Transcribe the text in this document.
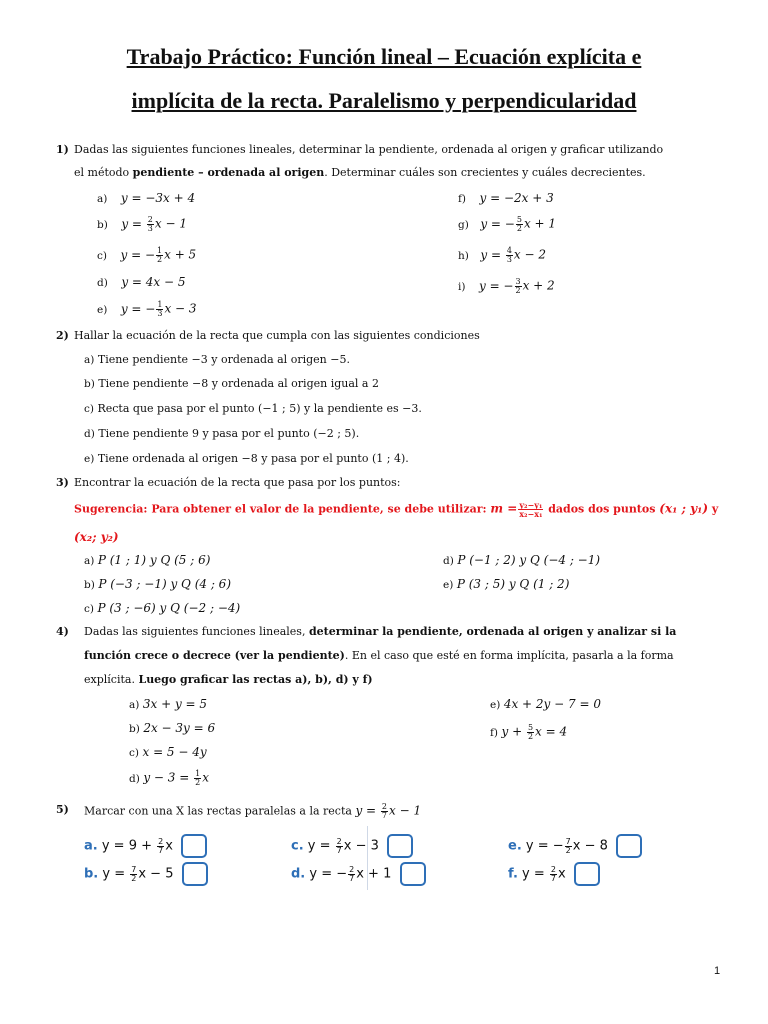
Trabajo Práctico: Función lineal – Ecuación explícita e
implícita de la recta. Paralelismo y perpendicularidad
1) Dadas las siguientes funciones lineales, determinar la pendiente, ordenada al origen y graficar utilizando
el método pendiente – ordenada al origen. Determinar cuáles son crecientes y cuáles decrecientes.
a) 𝑦 = −3𝑥 + 4
b) 𝑦 = $\frac{2}{3}$ 𝑥 − 1
c) 𝑦 = − $\frac{1}{2}$ 𝑥 + 5
d) 𝑦 = 4𝑥 − 5
e) 𝑦 = − $\frac{1}{3}$ 𝑥 − 3
f) 𝑦 = −2𝑥 + 3
g) 𝑦 = − $\frac{5}{2}$ 𝑥 + 1
h) 𝑦 = $\frac{4}{3}$ 𝑥 − 2
i) 𝑦 = − $\frac{3}{2}$ 𝑥 + 2
2) Hallar la ecuación de la recta que cumpla con las siguientes condiciones
a) Tiene pendiente −3 y ordenada al origen −5.
b) Tiene pendiente −8 y ordenada al origen igual a 2
c) Recta que pasa por el punto (−1 ; 5) y la pendiente es −3.
d) Tiene pendiente 9 y pasa por el punto (−2 ; 5).
e) Tiene ordenada al origen −8 y pasa por el punto (1 ; 4).
3) Encontrar la ecuación de la recta que pasa por los puntos:
Sugerencia: Para obtener el valor de la pendiente, se debe utilizar: 𝒎 = $\frac{\text{y₂−y₁}}{\text{x₂−x₁}}$ dados dos puntos (𝒙₁ ; 𝒚₁) y
(𝒙₂; 𝒚₂)
a) 𝑃 (1 ; 1) 𝑦 𝑄 (5 ; 6)
b) 𝑃 (−3 ; −1) 𝑦 𝑄 (4 ; 6)
c) 𝑃 (3 ; −6) 𝑦 𝑄 (−2 ; −4)
d) 𝑃 (−1 ; 2) 𝑦 𝑄 (−4 ; −1)
e) 𝑃 (3 ; 5) 𝑦 𝑄 (1 ; 2)
4) Dadas las siguientes funciones lineales, determinar la pendiente, ordenada al origen y analizar si la
función crece o decrece (ver la pendiente). En el caso que esté en forma implícita, pasarla a la forma
explícita. Luego graficar las rectas a), b), d) y f)
a) 3𝑥 + 𝑦 = 5
b) 2𝑥 − 3𝑦 = 6
c) 𝑥 = 5 − 4𝑦
d) 𝑦 − $3 = \frac{1}{2}$ 𝑥
e) 4𝑥 + 2𝑦 − 7 = 0
f) 𝑦 + $\frac{5}{2}$ 𝑥 = 4
5) Marcar con una X las rectas paralelas a la recta 𝑦 = $\frac{2}{7}$ 𝑥 − 1
a. $y = 9 + \frac{2}{7}$ x
b. $y = \frac{7}{2}$ x − 5
c. $y = \frac{2}{7}$ x − 3
d. y = − $\frac{2}{7}$ x + 1
e. y = − $\frac{7}{2}$ x − 8
f. $y = \frac{2}{7}$ x
1
